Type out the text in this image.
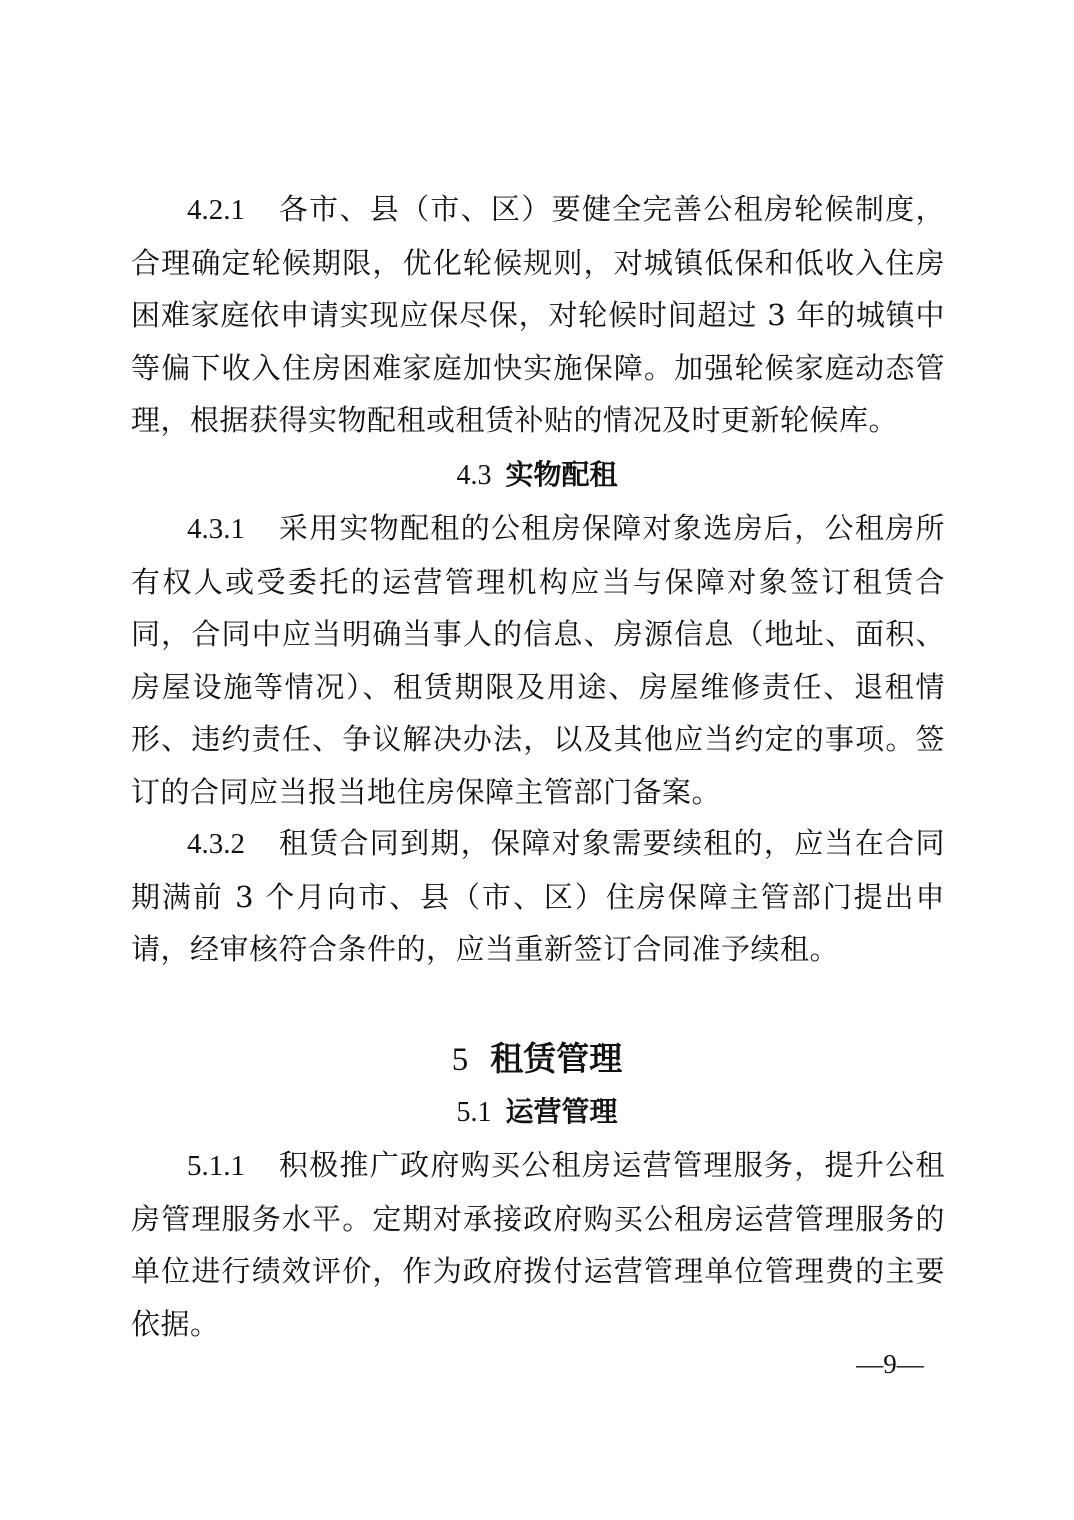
4.2.1 各市、县（市、区）要健全完善公租房轮候制度，合理确定轮候期限，优化轮候规则，对城镇低保和低收入住房困难家庭依申请实现应保尽保，对轮候时间超过 3 年的城镇中等偏下收入住房困难家庭加快实施保障。加强轮候家庭动态管理，根据获得实物配租或租赁补贴的情况及时更新轮候库。

4.3 实物配租

4.3.1 采用实物配租的公租房保障对象选房后，公租房所有权人或受委托的运营管理机构应当与保障对象签订租赁合同，合同中应当明确当事人的信息、房源信息（地址、面积、房屋设施等情况）、租赁期限及用途、房屋维修责任、退租情形、违约责任、争议解决办法，以及其他应当约定的事项。签订的合同应当报当地住房保障主管部门备案。

4.3.2 租赁合同到期，保障对象需要续租的，应当在合同期满前 3 个月向市、县（市、区）住房保障主管部门提出申请，经审核符合条件的，应当重新签订合同准予续租。

5 租赁管理
5.1 运营管理

5.1.1 积极推广政府购买公租房运营管理服务，提升公租房管理服务水平。定期对承接政府购买公租房运营管理服务的单位进行绩效评价，作为政府拨付运营管理单位管理费的主要依据。

—9—
